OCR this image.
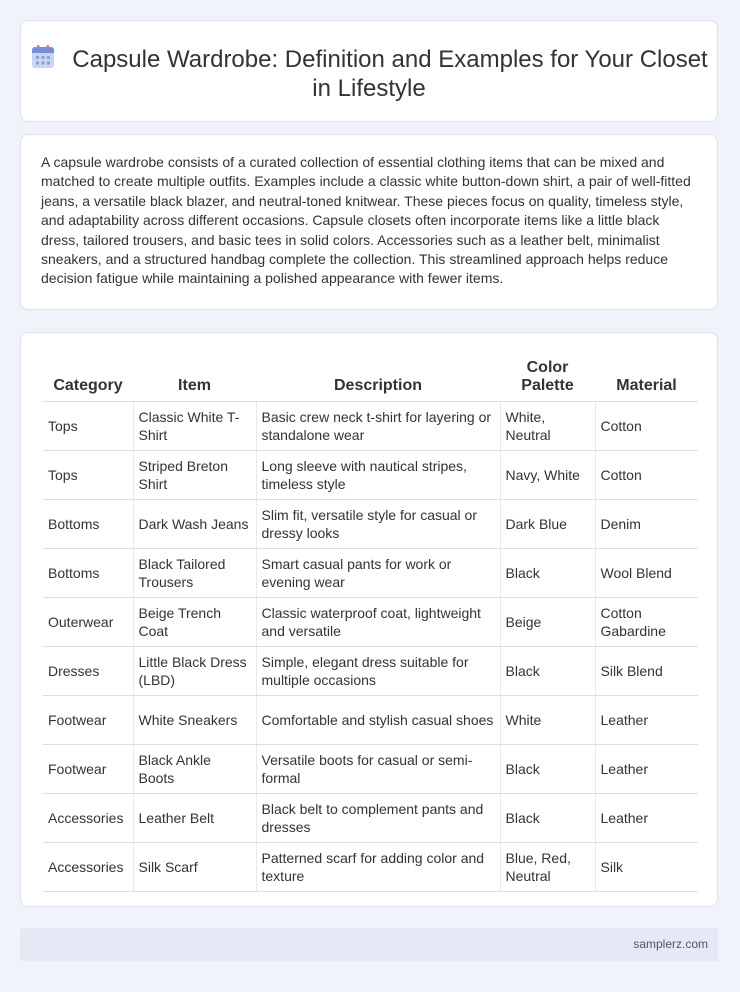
Capsule Wardrobe: Definition and Examples for Your Closet in Lifestyle

A capsule wardrobe consists of a curated collection of essential clothing items that can be mixed and matched to create multiple outfits. Examples include a classic white button-down shirt, a pair of well-fitted jeans, a versatile black blazer, and neutral-toned knitwear. These pieces focus on quality, timeless style, and adaptability across different occasions. Capsule closets often incorporate items like a little black dress, tailored trousers, and basic tees in solid colors. Accessories such as a leather belt, minimalist sneakers, and a structured handbag complete the collection. This streamlined approach helps reduce decision fatigue while maintaining a polished appearance with fewer items.

Category	Item	Description	Color Palette	Material
Tops	Classic White T-Shirt	Basic crew neck t-shirt for layering or standalone wear	White, Neutral	Cotton
Tops	Striped Breton Shirt	Long sleeve with nautical stripes, timeless style	Navy, White	Cotton
Bottoms	Dark Wash Jeans	Slim fit, versatile style for casual or dressy looks	Dark Blue	Denim
Bottoms	Black Tailored Trousers	Smart casual pants for work or evening wear	Black	Wool Blend
Outerwear	Beige Trench Coat	Classic waterproof coat, lightweight and versatile	Beige	Cotton Gabardine
Dresses	Little Black Dress (LBD)	Simple, elegant dress suitable for multiple occasions	Black	Silk Blend
Footwear	White Sneakers	Comfortable and stylish casual shoes	White	Leather
Footwear	Black Ankle Boots	Versatile boots for casual or semi-formal	Black	Leather
Accessories	Leather Belt	Black belt to complement pants and dresses	Black	Leather
Accessories	Silk Scarf	Patterned scarf for adding color and texture	Blue, Red, Neutral	Silk
samplerz.com
